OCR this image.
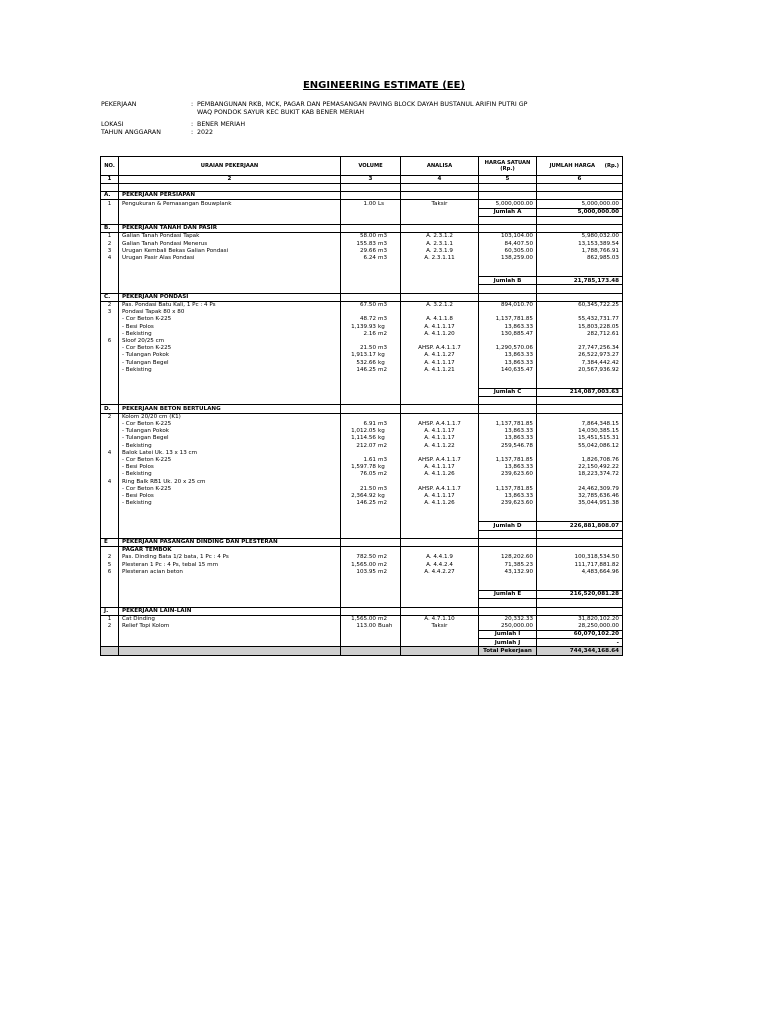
ENGINEERING ESTIMATE (EE)
PEKERJAAN	: PEMBANGUNAN RKB, MCK, PAGAR DAN PEMASANGAN PAVING BLOCK DAYAH BUSTANUL ARIFIN PUTRI GP
WAQ PONDOK SAYUR KEC BUKIT KAB BENER MERIAH
LOKASI	: BENER MERIAH
TAHUN ANGGARAN	: 2022
NO.	URAIAN PEKERJAAN	VOLUME	ANALISA	HARGA SATUAN (Rp.)	JUMLAH HARGA (Rp.)

1	2	3	4	5	6

A.	PEKERJAAN PERSIAPAN				
1	Pengukuran & Pemasangan Bouwplank	1.00 Ls	Taksir	5,000,000.00	5,000,000.00
				Jumlah A	5,000,000.00

B.	PEKERJAAN TANAH DAN PASIR				
1	Galian Tanah Pondasi Tapak	58.00 m3	A. 2.3.1.2	103,104.00	5,980,032.00
2	Galian Tanah Pondasi Menerus	155.83 m3	A. 2.3.1.1	84,407.50	13,153,389.54
3	Urugan Kembali Bekas Galian Pondasi	29.66 m3	A. 2.3.1.9	60,305.00	1,788,766.91
4	Urugan Pasir Alas Pondasi	6.24 m3	A. 2.3.1.11	138,259.00	862,985.03

				Jumlah B	21,785,173.48

C.	PEKERJAAN PONDASI				
2	Pas. Pondasi Batu Kali, 1 Pc : 4 Ps	67.50 m3	A. 3.2.1.2	894,010.70	60,345,722.25
3	Pondasi Tapak 80 x 80	

	- Cor Beton K-225	48.72 m3	A. 4.1.1.8	1,137,781.85	55,432,731.77
	- Besi Polos	1,139.93 kg	A. 4.1.1.17	13,863.33	15,803,228.05
	- Bekisting	2.16 m2	A. 4.1.1.20	130,885.47	282,712.61
6	Sloof 20/25 cm	

	- Cor Beton K-225	21.50 m3	AHSP. A.4.1.1.7	1,290,570.06	27,747,256.34
	- Tulangan Pokok	1,913.17 kg	A. 4.1.1.27	13,863.33	26,522,973.27
	- Tulangan Begel	532.66 kg	A. 4.1.1.17	13,863.33	7,384,442.42
	- Bekisting	146.25 m2	A. 4.1.1.21	140,635.47	20,567,936.92

				Jumlah C	214,087,003.63

D.	PEKERJAAN BETON BERTULANG				
2	Kolom 20/20 cm (K1)	

	- Cor Beton K-225	6.91 m3	AHSP. A.4.1.1.7	1,137,781.85	7,864,348.15
	- Tulangan Pokok	1,012.05 kg	A. 4.1.1.17	13,863.33	14,030,385.15
	- Tulangan Begel	1,114.56 kg	A. 4.1.1.17	13,863.33	15,451,515.31
	- Bekisting	212.07 m2	A. 4.1.1.22	259,546.78	55,042,086.12
4	Balok Latei Uk. 13 x 13 cm	

	- Cor Beton K-225	1.61 m3	AHSP. A.4.1.1.7	1,137,781.85	1,826,708.76
	- Besi Polos	1,597.78 kg	A. 4.1.1.17	13,863.33	22,150,492.22
	- Bekisting	76.05 m2	A. 4.1.1.26	239,623.60	18,223,374.72
4	Ring Balk RB1 Uk. 20 x 25 cm	

	- Cor Beton K-225	21.50 m3	AHSP. A.4.1.1.7	1,137,781.85	24,462,309.79
	- Besi Polos	2,364.92 kg	A. 4.1.1.17	13,863.33	32,785,636.46
	- Bekisting	146.25 m2	A. 4.1.1.26	239,623.60	35,044,951.38

				Jumlah D	226,881,808.07

E	PEKERJAAN PASANGAN DINDING DAN PLESTERAN				
	PAGAR TEMBOK	

2	Pas. Dinding Bata 1/2 bata, 1 Pc : 4 Ps	782.50 m2	A. 4.4.1.9	128,202.60	100,318,534.50
5	Plesteran 1 Pc : 4 Ps, tebal 15 mm	1,565.00 m2	A. 4.4.2.4	71,385.23	111,717,881.82
6	Plesteran acian beton	103.95 m2	A. 4.4.2.27	43,132.90	4,483,664.96

				Jumlah E	216,520,081.28

J.	PEKERJAAN LAIN-LAIN				
1	Cat Dinding	1,565.00 m2	A. 4.7.1.10	20,332.33	31,820,102.20
2	Relief Topi Kolom	113.00 Buah	Taksir	250,000.00	28,250,000.00
				Jumlah I	60,070,102.20
				Jumlah J	-
				Total Pekerjaan	744,344,168.64
